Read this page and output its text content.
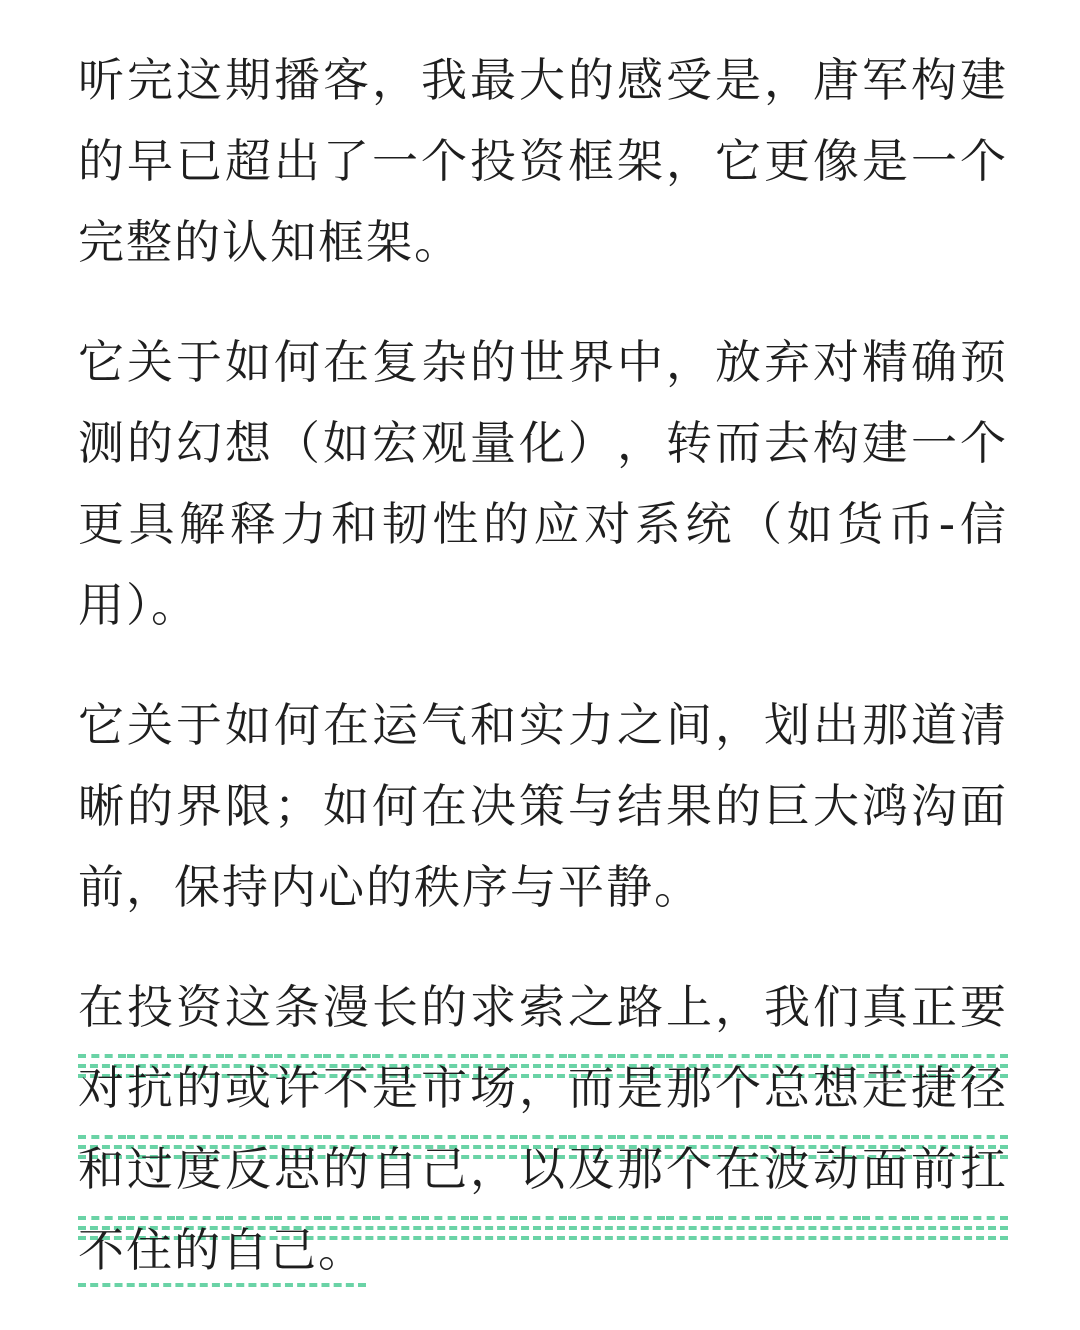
听 完 这 期 播 客 ， 我 最 大 的 感 受 是 ， 唐 军 构 建
的 早 已 超 出 了 一 个 投 资 框 架 ， 它 更 像 是 一 个
完整的认知框架。

它 关 于 如 何 在 复 杂 的 世 界 中 ， 放 弃 对 精 确 预
测 的 幻 想 （ 如 宏 观 量 化 ） ， 转 而 去 构 建 一 个
更 具 解 释 力 和 韧 性 的 应 对 系 统 （ 如 货 币 - 信
用）。

它 关 于 如 何 在 运 气 和 实 力 之 间 ， 划 出 那 道 清
晰 的 界 限 ； 如 何 在 决 策 与 结 果 的 巨 大 鸿 沟 面
前，保持内心的秩序与平静。

在 投 资 这 条 漫 长 的 求 索 之 路 上 ， 我 们 真 正 要
对 抗 的 或 许 不 是 市 场 ， 而 是 那 个 总 想 走 捷 径
和 过 度 反 思 的 自 己 ， 以 及 那 个 在 波 动 面 前 扛
不住的自己。
